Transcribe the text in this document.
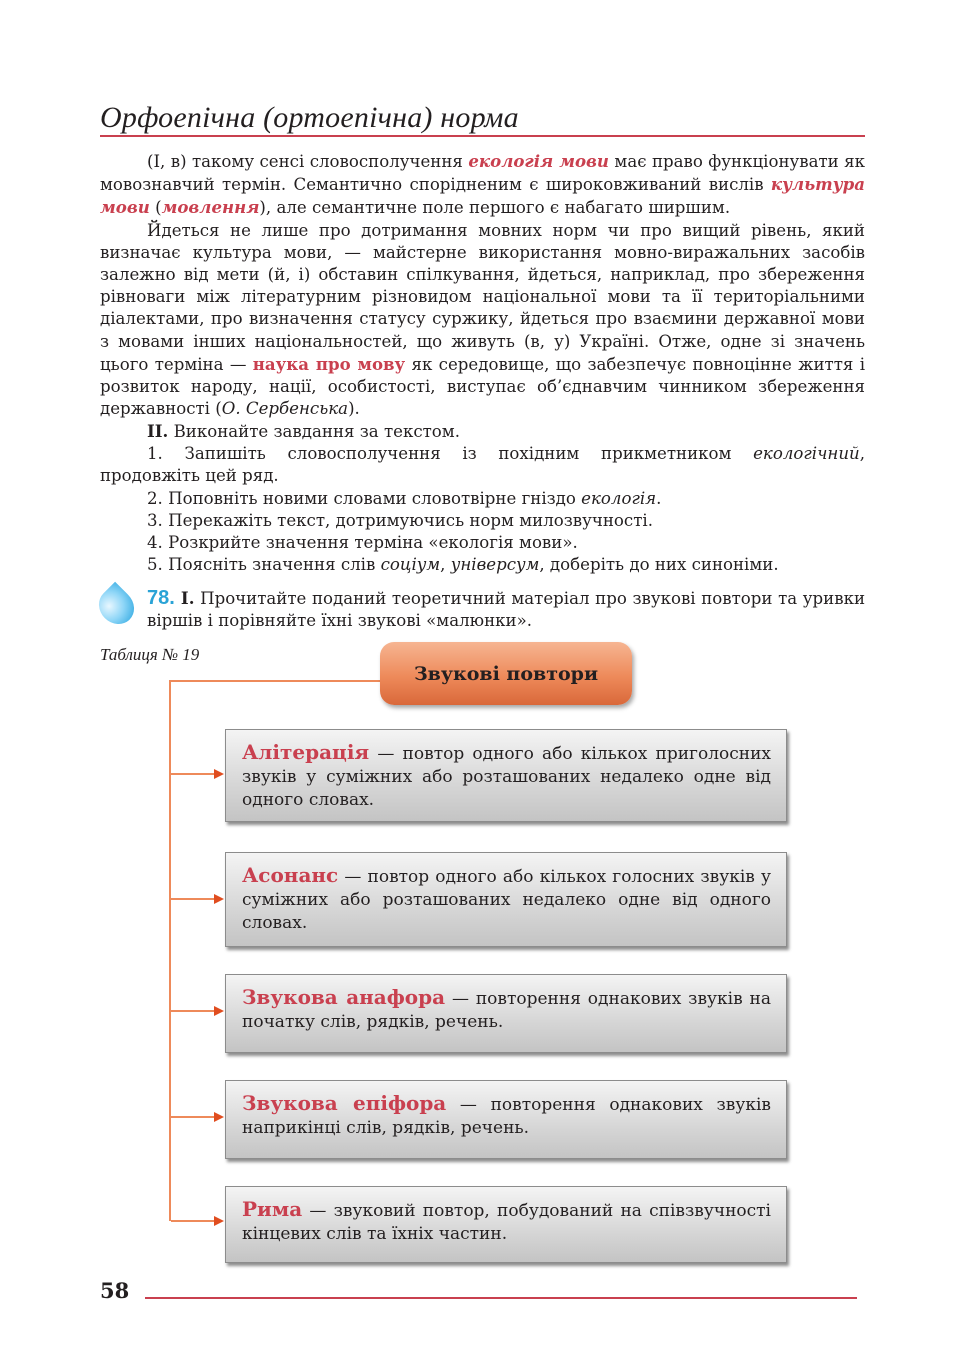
Орфоепічна (ортоепічна) норма

(І, в) такому сенсі словосполучення екологія мови має право функціонувати як мовознавчий термін. Семантично спорідненим є широковживаний вислів культура мови (мовлення), але семантичне поле першого є набагато ширшим.

Йдеться не лише про дотримання мовних норм чи про вищий рівень, який визначає культура мови, — майстерне використання мовно-виражальних засобів залежно від мети (й, і) обставин спілкування, йдеться, наприклад, про збереження рівноваги між літературним різновидом національної мови та її територіальними діалектами, про визначення статусу суржику, йдеться про взаємини державної мови з мовами інших національностей, що живуть (в, у) Україні. Отже, одне зі значень цього терміна — наука про мову як середовище, що забезпечує повноцінне життя і розвиток народу, нації, особистості, виступає об’єднавчим чинником збереження державності (О. Сербенська).

II. Виконайте завдання за текстом.

1. Запишіть словосполучення із похідним прикметником екологічний, продовжіть цей ряд.

2. Поповніть новими словами словотвірне гніздо екологія.

3. Перекажіть текст, дотримуючись норм милозвучності.

4. Розкрийте значення терміна «екологія мови».

5. Поясніть значення слів соціум, універсум, доберіть до них синоніми.

78. І. Прочитайте поданий теоретичний матеріал про звукові повтори та уривки віршів і порівняйте їхні звукові «малюнки».

Таблиця № 19
Звукові повтори
Алітерація — повтор одного або кількох приголосних звуків у суміжних або розташованих недалеко одне від одного словах.
Асонанс — повтор одного або кількох голосних звуків у суміжних або розташованих недалеко одне від одного словах.
Звукова анафора — повторення однакових звуків на початку слів, рядків, речень.
Звукова епіфора — повторення однакових звуків наприкінці слів, рядків, речень.
Рима — звуковий повтор, побудований на співзвучності кінцевих слів та їхніх частин.
58
